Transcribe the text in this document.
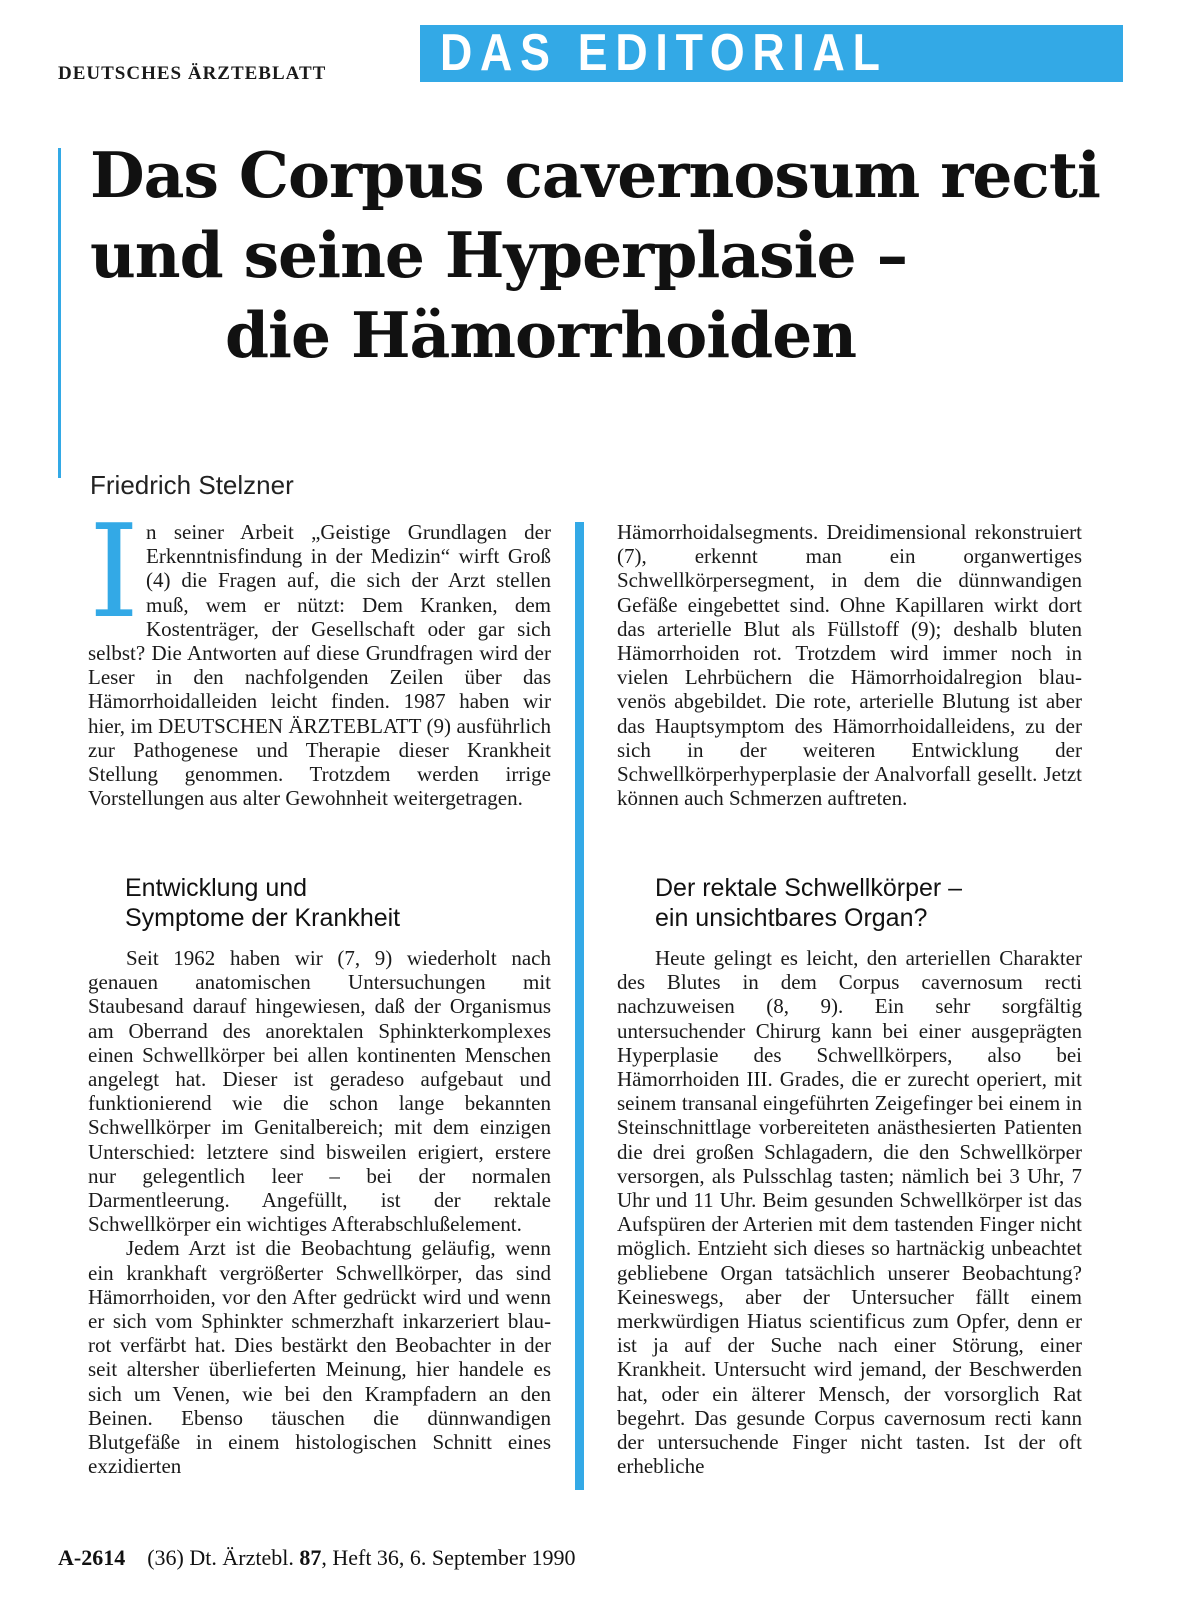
DEUTSCHES ÄRZTEBLATT DAS EDITORIAL
Das Corpus cavernosum recti
und seine Hyperplasie –
die Hämorrhoiden
Friedrich Stelzner
I n seiner Arbeit „Geistige Grundlagen der Erkenntnisfindung in der Medizin“ wirft Groß (4) die Fragen auf, die sich der Arzt stellen muß, wem er nützt: Dem Kranken, dem Kostenträger, der Gesellschaft oder gar sich selbst? Die Antworten auf diese Grundfragen wird der Leser in den nachfolgenden Zeilen über das Hämorrhoidalleiden leicht finden. 1987 haben wir hier, im DEUTSCHEN ÄRZTEBLATT (9) ausführlich zur Pathogenese und Therapie dieser Krankheit Stellung genommen. Trotzdem werden irrige Vorstellungen aus alter Gewohnheit weitergetragen.

Hämorrhoidalsegments. Dreidimensional rekonstruiert (7), erkennt man ein organwertiges Schwellkörpersegment, in dem die dünnwandigen Gefäße eingebettet sind. Ohne Kapillaren wirkt dort das arterielle Blut als Füllstoff (9); deshalb bluten Hämorrhoiden rot. Trotzdem wird immer noch in vielen Lehrbüchern die Hämorrhoidalregion blau-venös abgebildet. Die rote, arterielle Blutung ist aber das Hauptsymptom des Hämorrhoidalleidens, zu der sich in der weiteren Entwicklung der Schwellkörperhyperplasie der Analvorfall gesellt. Jetzt können auch Schmerzen auftreten.

Entwicklung und
Symptome der Krankheit
Der rektale Schwellkörper –
ein unsichtbares Organ?

Seit 1962 haben wir (7, 9) wiederholt nach genauen anatomischen Untersuchungen mit Staubesand darauf hingewiesen, daß der Organismus am Oberrand des anorektalen Sphinkterkomplexes einen Schwellkörper bei allen kontinenten Menschen angelegt hat. Dieser ist geradeso aufgebaut und funktionierend wie die schon lange bekannten Schwellkörper im Genitalbereich; mit dem einzigen Unterschied: letztere sind bisweilen erigiert, erstere nur gelegentlich leer – bei der normalen Darmentleerung. Angefüllt, ist der rektale Schwellkörper ein wichtiges Afterabschlußelement.

Jedem Arzt ist die Beobachtung geläufig, wenn ein krankhaft vergrößerter Schwellkörper, das sind Hämorrhoiden, vor den After gedrückt wird und wenn er sich vom Sphinkter schmerzhaft inkarzeriert blau-rot verfärbt hat. Dies bestärkt den Beobachter in der seit altersher überlieferten Meinung, hier handele es sich um Venen, wie bei den Krampfadern an den Beinen. Ebenso täuschen die dünnwandigen Blutgefäße in einem histologischen Schnitt eines exzidierten

Heute gelingt es leicht, den arteriellen Charakter des Blutes in dem Corpus cavernosum recti nachzuweisen (8, 9). Ein sehr sorgfältig untersuchender Chirurg kann bei einer ausgeprägten Hyperplasie des Schwellkörpers, also bei Hämorrhoiden III. Grades, die er zurecht operiert, mit seinem transanal eingeführten Zeigefinger bei einem in Steinschnittlage vorbereiteten anästhesierten Patienten die drei großen Schlagadern, die den Schwellkörper versorgen, als Pulsschlag tasten; nämlich bei 3 Uhr, 7 Uhr und 11 Uhr. Beim gesunden Schwellkörper ist das Aufspüren der Arterien mit dem tastenden Finger nicht möglich. Entzieht sich dieses so hartnäckig unbeachtet gebliebene Organ tatsächlich unserer Beobachtung? Keineswegs, aber der Untersucher fällt einem merkwürdigen Hiatus scientificus zum Opfer, denn er ist ja auf der Suche nach einer Störung, einer Krankheit. Untersucht wird jemand, der Beschwerden hat, oder ein älterer Mensch, der vorsorglich Rat begehrt. Das gesunde Corpus cavernosum recti kann der untersuchende Finger nicht tasten. Ist der oft erhebliche

A-2614 (36) Dt. Ärztebl. 87, Heft 36, 6. September 1990
